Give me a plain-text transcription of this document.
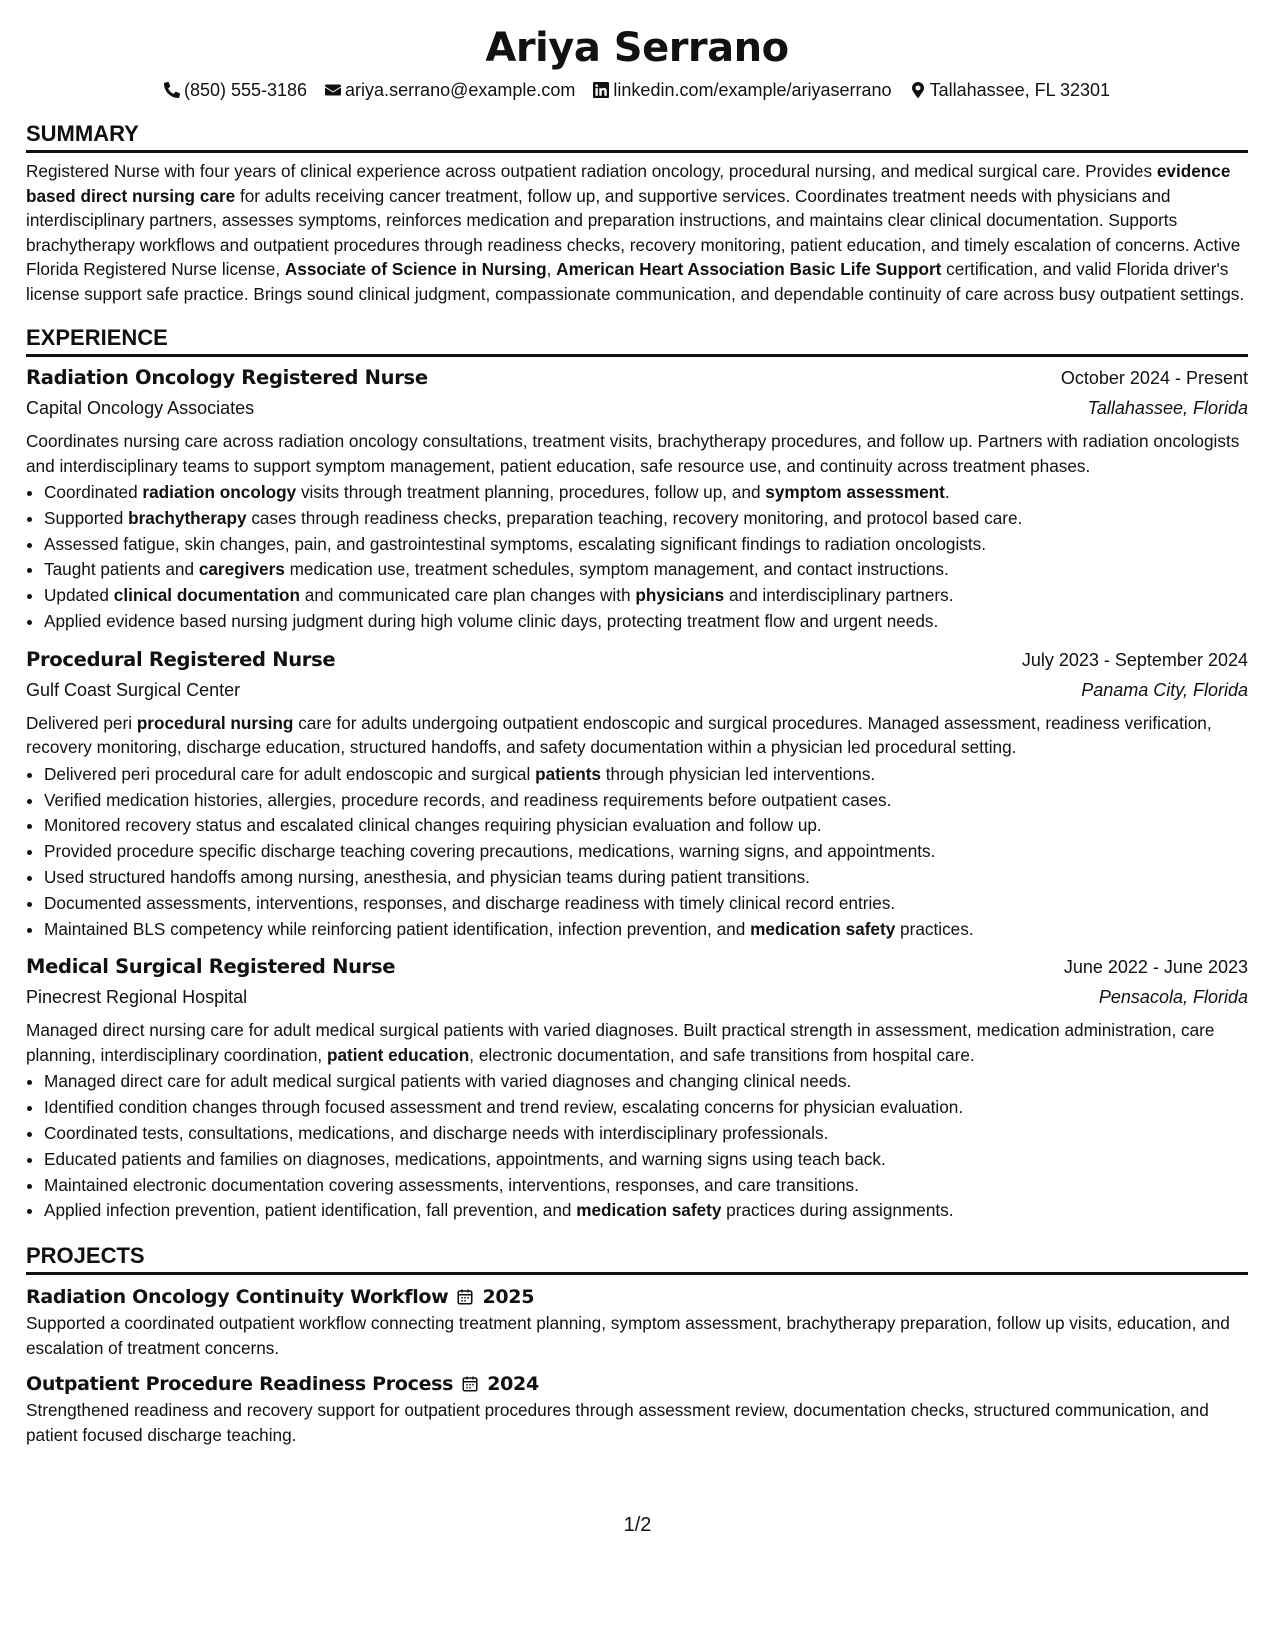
Ariya Serrano
(850) 555-3186 ariya.serrano@example.com linkedin.com/example/ariyaserrano Tallahassee, FL 32301
SUMMARY

Registered Nurse with four years of clinical experience across outpatient radiation oncology, procedural nursing, and medical surgical care. Provides evidence based direct nursing care for adults receiving cancer treatment, follow up, and supportive services. Coordinates treatment needs with physicians and interdisciplinary partners, assesses symptoms, reinforces medication and preparation instructions, and maintains clear clinical documentation. Supports brachytherapy workflows and outpatient procedures through readiness checks, recovery monitoring, patient education, and timely escalation of concerns. Active Florida Registered Nurse license, Associate of Science in Nursing, American Heart Association Basic Life Support certification, and valid Florida driver's license support safe practice. Brings sound clinical judgment, compassionate communication, and dependable continuity of care across busy outpatient settings.

EXPERIENCE
Radiation Oncology Registered Nurse	October 2024 - Present
Capital Oncology Associates	Tallahassee, Florida

Coordinates nursing care across radiation oncology consultations, treatment visits, brachytherapy procedures, and follow up. Partners with radiation oncologists and interdisciplinary teams to support symptom management, patient education, safe resource use, and continuity across treatment phases.

• Coordinated radiation oncology visits through treatment planning, procedures, follow up, and symptom assessment.
• Supported brachytherapy cases through readiness checks, preparation teaching, recovery monitoring, and protocol based care.
• Assessed fatigue, skin changes, pain, and gastrointestinal symptoms, escalating significant findings to radiation oncologists.
• Taught patients and caregivers medication use, treatment schedules, symptom management, and contact instructions.
• Updated clinical documentation and communicated care plan changes with physicians and interdisciplinary partners.
• Applied evidence based nursing judgment during high volume clinic days, protecting treatment flow and urgent needs.
Procedural Registered Nurse	July 2023 - September 2024
Gulf Coast Surgical Center	Panama City, Florida

Delivered peri procedural nursing care for adults undergoing outpatient endoscopic and surgical procedures. Managed assessment, readiness verification, recovery monitoring, discharge education, structured handoffs, and safety documentation within a physician led procedural setting.

• Delivered peri procedural care for adult endoscopic and surgical patients through physician led interventions.
• Verified medication histories, allergies, procedure records, and readiness requirements before outpatient cases.
• Monitored recovery status and escalated clinical changes requiring physician evaluation and follow up.
• Provided procedure specific discharge teaching covering precautions, medications, warning signs, and appointments.
• Used structured handoffs among nursing, anesthesia, and physician teams during patient transitions.
• Documented assessments, interventions, responses, and discharge readiness with timely clinical record entries.
• Maintained BLS competency while reinforcing patient identification, infection prevention, and medication safety practices.
Medical Surgical Registered Nurse	June 2022 - June 2023
Pinecrest Regional Hospital	Pensacola, Florida

Managed direct nursing care for adult medical surgical patients with varied diagnoses. Built practical strength in assessment, medication administration, care planning, interdisciplinary coordination, patient education, electronic documentation, and safe transitions from hospital care.

• Managed direct care for adult medical surgical patients with varied diagnoses and changing clinical needs.
• Identified condition changes through focused assessment and trend review, escalating concerns for physician evaluation.
• Coordinated tests, consultations, medications, and discharge needs with interdisciplinary professionals.
• Educated patients and families on diagnoses, medications, appointments, and warning signs using teach back.
• Maintained electronic documentation covering assessments, interventions, responses, and care transitions.
• Applied infection prevention, patient identification, fall prevention, and medication safety practices during assignments.
PROJECTS
Radiation Oncology Continuity Workflow 2025

Supported a coordinated outpatient workflow connecting treatment planning, symptom assessment, brachytherapy preparation, follow up visits, education, and escalation of treatment concerns.

Outpatient Procedure Readiness Process 2024

Strengthened readiness and recovery support for outpatient procedures through assessment review, documentation checks, structured communication, and patient focused discharge teaching.

1/2
